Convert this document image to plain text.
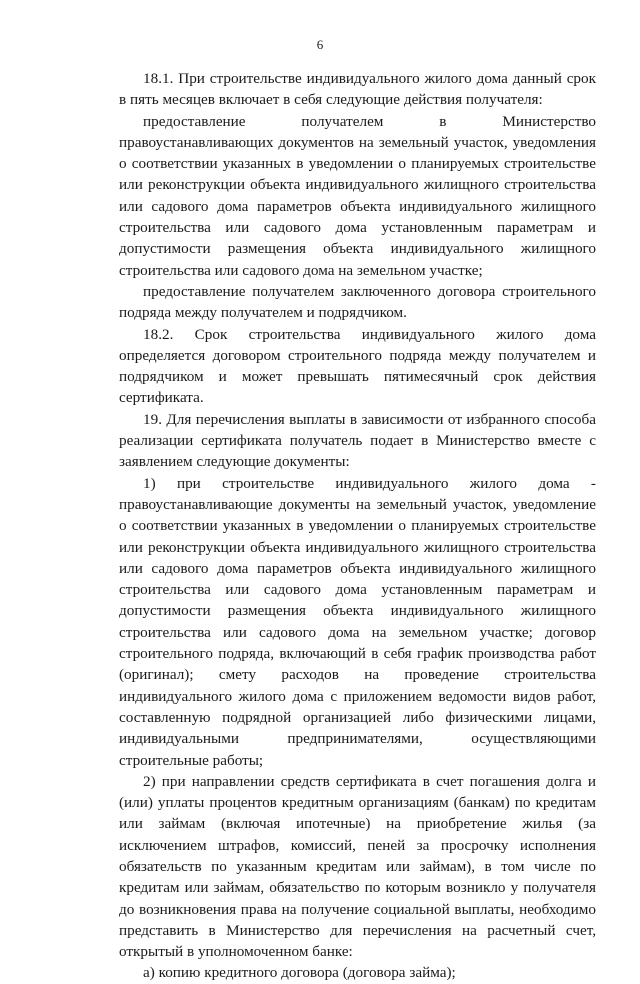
6

18.1. При строительстве индивидуального жилого дома данный срок в пять месяцев включает в себя следующие действия получателя:

предоставление получателем в Министерство правоустанавливающих документов на земельный участок, уведомления о соответствии указанных в уведомлении о планируемых строительстве или реконструкции объекта индивидуального жилищного строительства или садового дома параметров объекта индивидуального жилищного строительства или садового дома установленным параметрам и допустимости размещения объекта индивидуального жилищного строительства или садового дома на земельном участке;

предоставление получателем заключенного договора строительного подряда между получателем и подрядчиком.

18.2. Срок строительства индивидуального жилого дома определяется договором строительного подряда между получателем и подрядчиком и может превышать пятимесячный срок действия сертификата.

19. Для перечисления выплаты в зависимости от избранного способа реализации сертификата получатель подает в Министерство вместе с заявлением следующие документы:

1) при строительстве индивидуального жилого дома - правоустанавливающие документы на земельный участок, уведомление о соответствии указанных в уведомлении о планируемых строительстве или реконструкции объекта индивидуального жилищного строительства или садового дома параметров объекта индивидуального жилищного строительства или садового дома установленным параметрам и допустимости размещения объекта индивидуального жилищного строительства или садового дома на земельном участке; договор строительного подряда, включающий в себя график производства работ (оригинал); смету расходов на проведение строительства индивидуального жилого дома с приложением ведомости видов работ, составленную подрядной организацией либо физическими лицами, индивидуальными предпринимателями, осуществляющими строительные работы;

2) при направлении средств сертификата в счет погашения долга и (или) уплаты процентов кредитным организациям (банкам) по кредитам или займам (включая ипотечные) на приобретение жилья (за исключением штрафов, комиссий, пеней за просрочку исполнения обязательств по указанным кредитам или займам), в том числе по кредитам или займам, обязательство по которым возникло у получателя до возникновения права на получение социальной выплаты, необходимо представить в Министерство для перечисления на расчетный счет, открытый в уполномоченном банке:

а) копию кредитного договора (договора займа);
